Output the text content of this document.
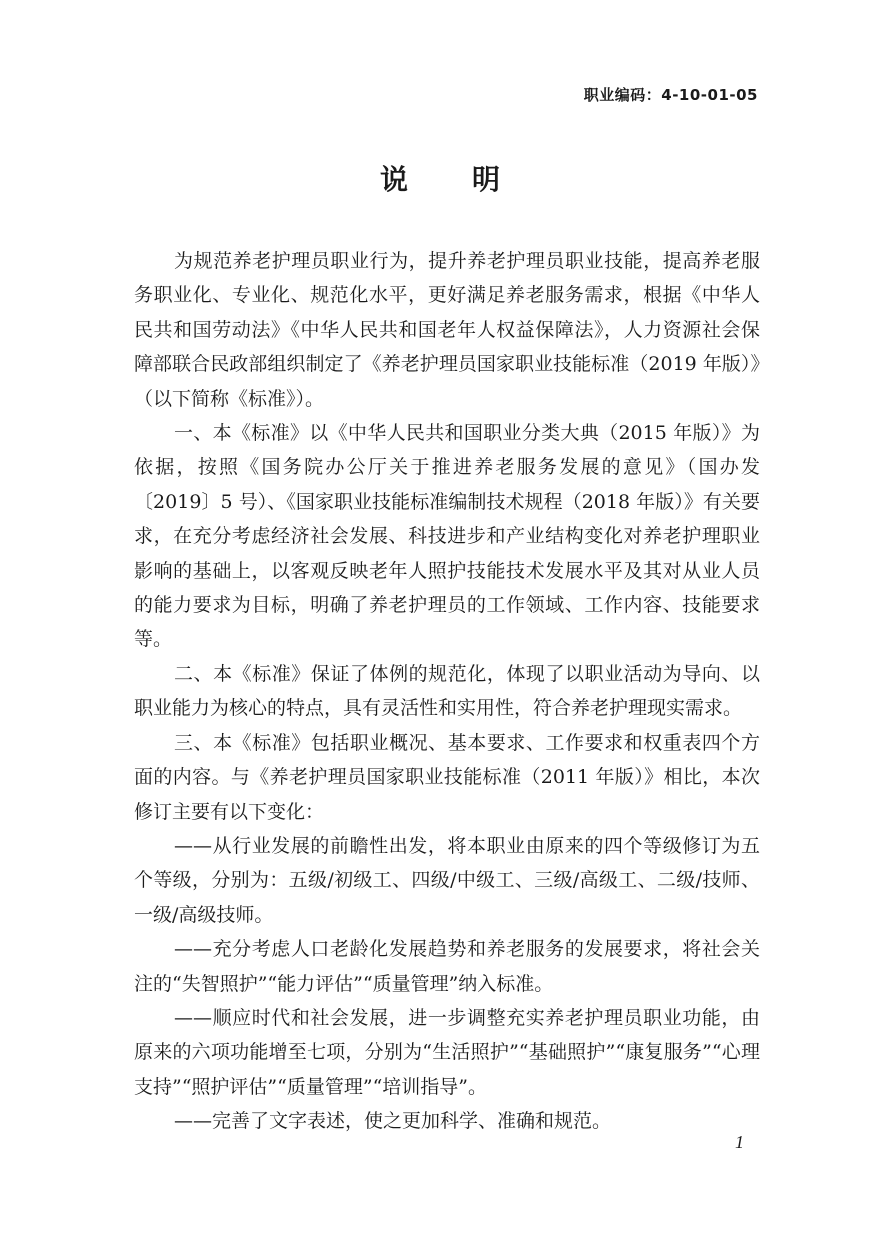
职业编码：4-10-01-05
说明

为规范养老护理员职业行为，提升养老护理员职业技能，提高养老服务职业化、专业化、规范化水平，更好满足养老服务需求，根据《中华人民共和国劳动法》《中华人民共和国老年人权益保障法》，人力资源社会保障部联合民政部组织制定了《养老护理员国家职业技能标准（2019 年版）》（以下简称《标准》）。

一、本《标准》以《中华人民共和国职业分类大典（2015 年版）》为依据，按照《国务院办公厅关于推进养老服务发展的意见》（国办发〔2019〕5 号）、《国家职业技能标准编制技术规程（2018 年版）》有关要求，在充分考虑经济社会发展、科技进步和产业结构变化对养老护理职业影响的基础上，以客观反映老年人照护技能技术发展水平及其对从业人员的能力要求为目标，明确了养老护理员的工作领域、工作内容、技能要求等。

二、本《标准》保证了体例的规范化，体现了以职业活动为导向、以职业能力为核心的特点，具有灵活性和实用性，符合养老护理现实需求。

三、本《标准》包括职业概况、基本要求、工作要求和权重表四个方面的内容。与《养老护理员国家职业技能标准（2011 年版）》相比，本次修订主要有以下变化：

——从行业发展的前瞻性出发，将本职业由原来的四个等级修订为五个等级，分别为：五级/初级工、四级/中级工、三级/高级工、二级/技师、一级/高级技师。

——充分考虑人口老龄化发展趋势和养老服务的发展要求，将社会关注的“失智照护”“能力评估”“质量管理”纳入标准。

——顺应时代和社会发展，进一步调整充实养老护理员职业功能，由原来的六项功能增至七项，分别为“生活照护”“基础照护”“康复服务”“心理支持”“照护评估”“质量管理”“培训指导”。

——完善了文字表述，使之更加科学、准确和规范。

1
